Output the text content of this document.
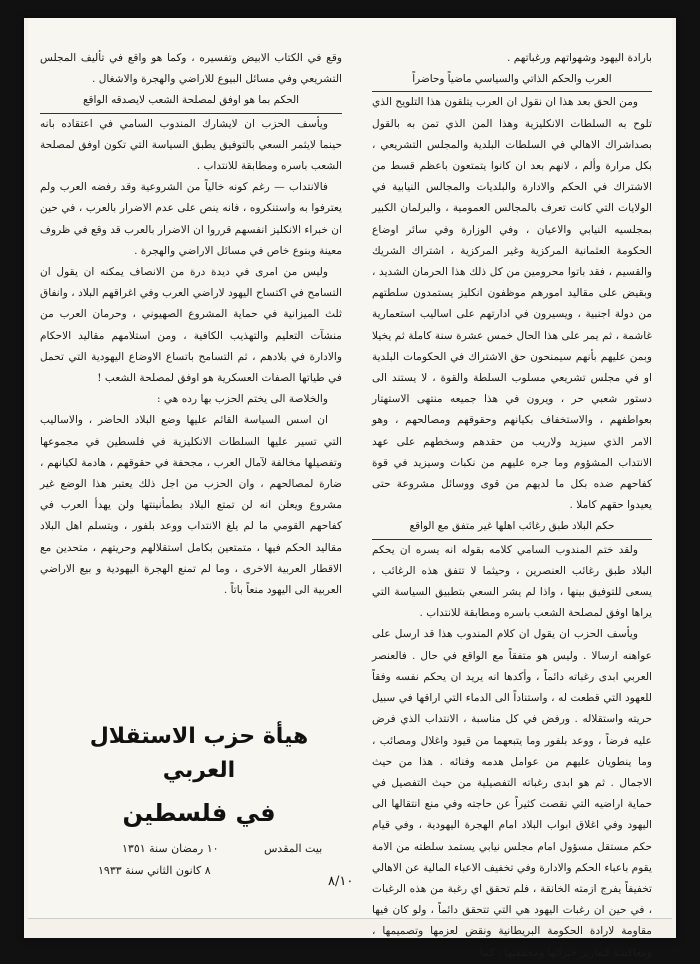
بارادة اليهود وشهواتهم ورغباتهم .

العرب والحكم الذاتي والسياسي ماضياً وحاضراً

ومن الحق بعد هذا ان نقول ان العرب يتلقون هذا التلويح الذي تلوح به السلطات الانكليزية وهذا المن الذي تمن به بالقول بصداشراك الاهالي في السلطات البلدية والمجلس التشريعي ، بكل مرارة وألم ، لانهم بعد ان كانوا يتمتعون باعظم قسط من الاشتراك في الحكم والادارة والبلديات والمجالس النيابية في الولايات التي كانت تعرف بالمجالس العمومية ، والبرلمان الكبير بمجلسيه النيابي والاعيان ، وفي الوزارة وفي سائر اوضاع الحكومة العثمانية المركزية وغير المركزية ، اشتراك الشريك والقسيم ، فقد باتوا محرومين من كل ذلك هذا الحرمان الشديد ، وبقيض على مقاليد امورهم موظفون انكليز يستمدون سلطتهم من دولة اجنبية ، ويسيرون في ادارتهم على اساليب استعمارية غاشمة ، ثم يمر على هذا الحال خمس عشرة سنة كاملة ثم يخيلا وبمن عليهم بأنهم سيمنحون حق الاشتراك في الحكومات البلدية او في مجلس تشريعي مسلوب السلطة والقوة ، لا يستند الى دستور شعبي حر ، ويرون في هذا جميعه منتهى الاستهتار بعواطفهم ، والاستخفاف بكيانهم وحقوقهم ومصالحهم ، وهو الامر الذي سيزيد ولاريب من حقدهم وسخطهم على عهد الانتداب المشؤوم وما جره عليهم من نكبات وسيزيد في قوة كفاحهم ضده بكل ما لديهم من قوى ووسائل مشروعة حتى يعيدوا حقهم كاملا .

حكم البلاد طبق رغائب اهلها غير متفق مع الواقع

ولقد ختم المندوب السامي كلامه بقوله انه يسره ان يحكم البلاد طبق رغائب العنصرين ، وحيثما لا تتفق هذه الرغائب ، يسعى للتوفيق بينها ، واذا لم يشر السعي بتطبيق السياسة التي يراها اوفق لمصلحة الشعب باسره ومطابقة للانتداب .

ويأسف الحزب ان يقول ان كلام المندوب هذا قد ارسل على عواهنه ارسالا . وليس هو متفقاً مع الواقع في حال . فالعنصر العربي ابدى رغباته دائماً ، وأكدها انه يريد ان يحكم نفسه وفقاً للعهود التي قطعت له ، واستناداً الى الدماء التي اراقها في سبيل حريته واستقلاله . ورفض في كل مناسبة ، الانتداب الذي فرض عليه فرضاً ، ووعد بلفور وما يتبعهما من قيود واغلال ومصائب ، وما ينطويان عليهم من عوامل هدمه وفنائه . هذا من حيث الاجمال . ثم هو ابدى رغباته التفصيلية من حيث التفصيل في حماية اراضيه التي نقصت كثيراً عن حاجته وفي منع انتقالها الى اليهود وفي اغلاق ابواب البلاد امام الهجرة اليهودية ، وفي قيام حكم مستقل مسؤول امام مجلس نيابي يستمد سلطته من الامة يقوم باعباء الحكم والادارة وفي تخفيف الاعباء المالية عن الاهالي تخفيفاً يفرج ازمته الخانقة ، فلم تحقق اي رغبة من هذه الرغبات ، في حين ان رغبات اليهود هي التي تتحقق دائماً ، ولو كان فيها مقاومة لارادة الحكومة البريطانية ونقض لعزمها وتصميمها ، ومعاكسة لتقارير خبرائها ومحققيها ، كما

وقع في الكتاب الابيض وتفسيره ، وكما هو واقع في تأليف المجلس التشريعي وفي مسائل البيوع للاراضي والهجرة والاشغال .

الحكم بما هو اوفق لمصلحة الشعب لايصدقه الواقع

ويأسف الحزب ان لايشارك المندوب السامي في اعتقاده بانه حينما لايثمر السعي بالتوفيق يطبق السياسة التي تكون اوفق لمصلحة الشعب باسره ومطابقة للانتداب .

فالانتداب — رغم كونه خالياً من الشروعية وقد رفضه العرب ولم يعترفوا به واستنكروه ، فانه ينص على عدم الاضرار بالعرب ، في حين ان خبراء الانكليز انفسهم قرروا ان الاضرار بالعرب قد وقع في ظروف معينة وبنوع خاص في مسائل الاراضي والهجرة .

وليس من امرى في ديدة درة من الانصاف يمكنه ان يقول ان التسامح في اكتساح اليهود لاراضي العرب وفي اغراقهم البلاد ، وانفاق ثلث الميزانية في حماية المشروع الصهيوني ، وحرمان العرب من منشآت التعليم والتهذيب الكافية ، ومن استلامهم مقاليد الاحكام والادارة في بلادهم ، ثم التسامح باتساع الاوضاع اليهودية التي تحمل في طياتها الصفات العسكرية هو اوفق لمصلحة الشعب !

والخلاصة الى يختم الحزب بها رده هي :

ان اسس السياسة القائم عليها وضع البلاد الحاضر ، والاساليب التي تسير عليها السلطات الانكليزية في فلسطين في مجموعها وتفصيلها مخالفة لآمال العرب ، مجحفة في حقوقهم ، هادمة لكيانهم ، ضارة لمصالحهم ، وان الحزب من اجل ذلك يعتبر هذا الوضع غير مشروع ويعلن انه لن تمتع البلاد بطمأنينتها ولن يهدأ العرب في كفاحهم القومي ما لم يلغ الانتداب ووعد بلفور ، ويتسلم اهل البلاد مقاليد الحكم فيها ، متمتعين بكامل استقلالهم وحريتهم ، متحدين مع الاقطار العربية الاخرى ، وما لم تمنع الهجرة اليهودية و بيع الاراضي العربية الى اليهود منعاً باتاً .

هيأة حزب الاستقلال العربي
في فلسطين
بيت المقدس
١٠ رمضان سنة ١٣٥١
٨ كانون الثاني سنة ١٩٣٣
٨/١٠
